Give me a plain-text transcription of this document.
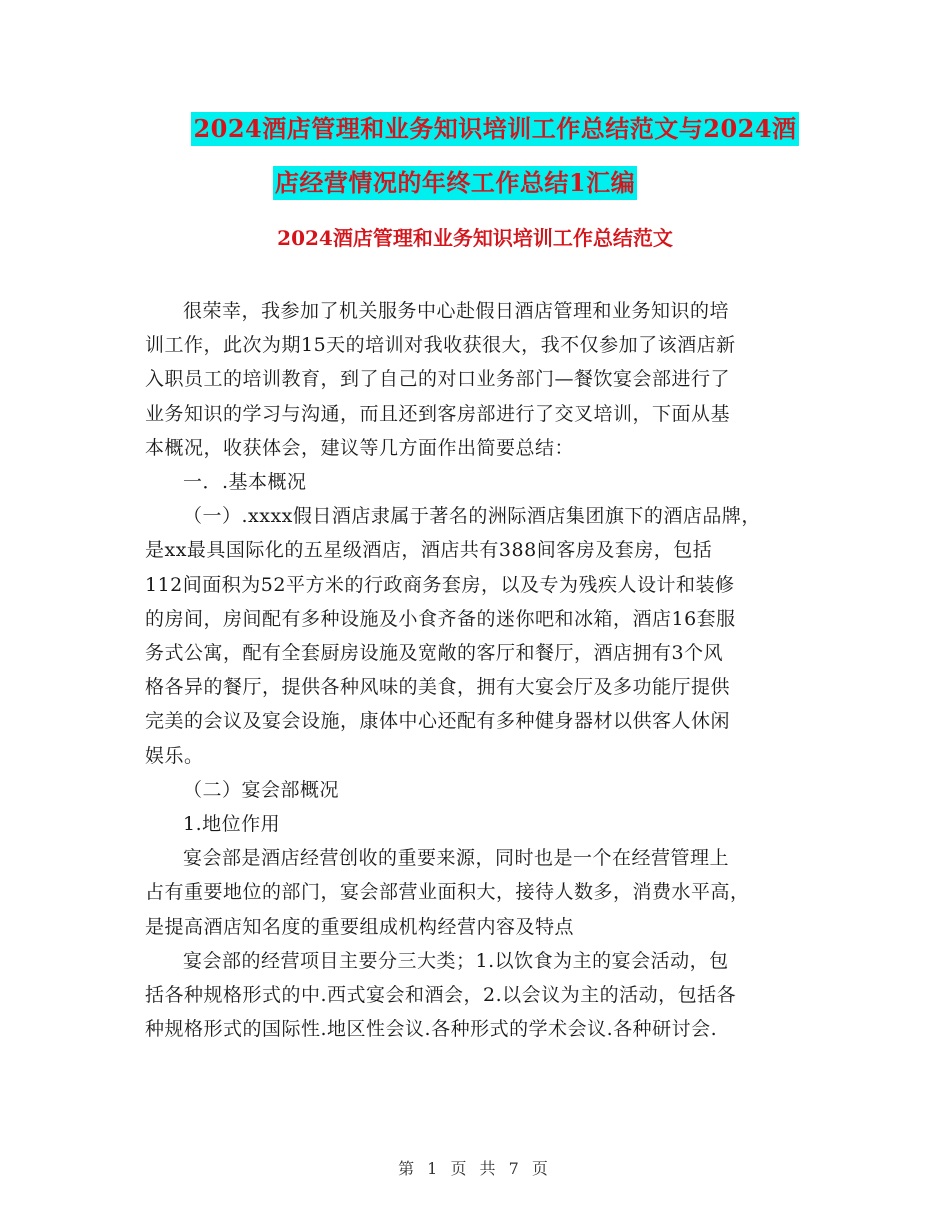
2024酒店管理和业务知识培训工作总结范文与2024酒
店经营情况的年终工作总结1汇编
2024酒店管理和业务知识培训工作总结范文

很荣幸，我参加了机关服务中心赴假日酒店管理和业务知识的培

训工作，此次为期15天的培训对我收获很大，我不仅参加了该酒店新

入职员工的培训教育，到了自己的对口业务部门—餐饮宴会部进行了

业务知识的学习与沟通，而且还到客房部进行了交叉培训，下面从基

本概况，收获体会，建议等几方面作出简要总结：

一．.基本概况

（一）.xxxx假日酒店隶属于著名的洲际酒店集团旗下的酒店品牌，

是xx最具国际化的五星级酒店，酒店共有388间客房及套房，包括

112间面积为52平方米的行政商务套房，以及专为残疾人设计和装修

的房间，房间配有多种设施及小食齐备的迷你吧和冰箱，酒店16套服

务式公寓，配有全套厨房设施及宽敞的客厅和餐厅，酒店拥有3个风

格各异的餐厅，提供各种风味的美食，拥有大宴会厅及多功能厅提供

完美的会议及宴会设施，康体中心还配有多种健身器材以供客人休闲

娱乐。

（二）宴会部概况

1.地位作用

宴会部是酒店经营创收的重要来源，同时也是一个在经营管理上

占有重要地位的部门，宴会部营业面积大，接待人数多，消费水平高，

是提高酒店知名度的重要组成机构经营内容及特点

宴会部的经营项目主要分三大类；1.以饮食为主的宴会活动，包

括各种规格形式的中.西式宴会和酒会，2.以会议为主的活动，包括各

种规格形式的国际性.地区性会议.各种形式的学术会议.各种研讨会.

第 1 页 共 7 页
